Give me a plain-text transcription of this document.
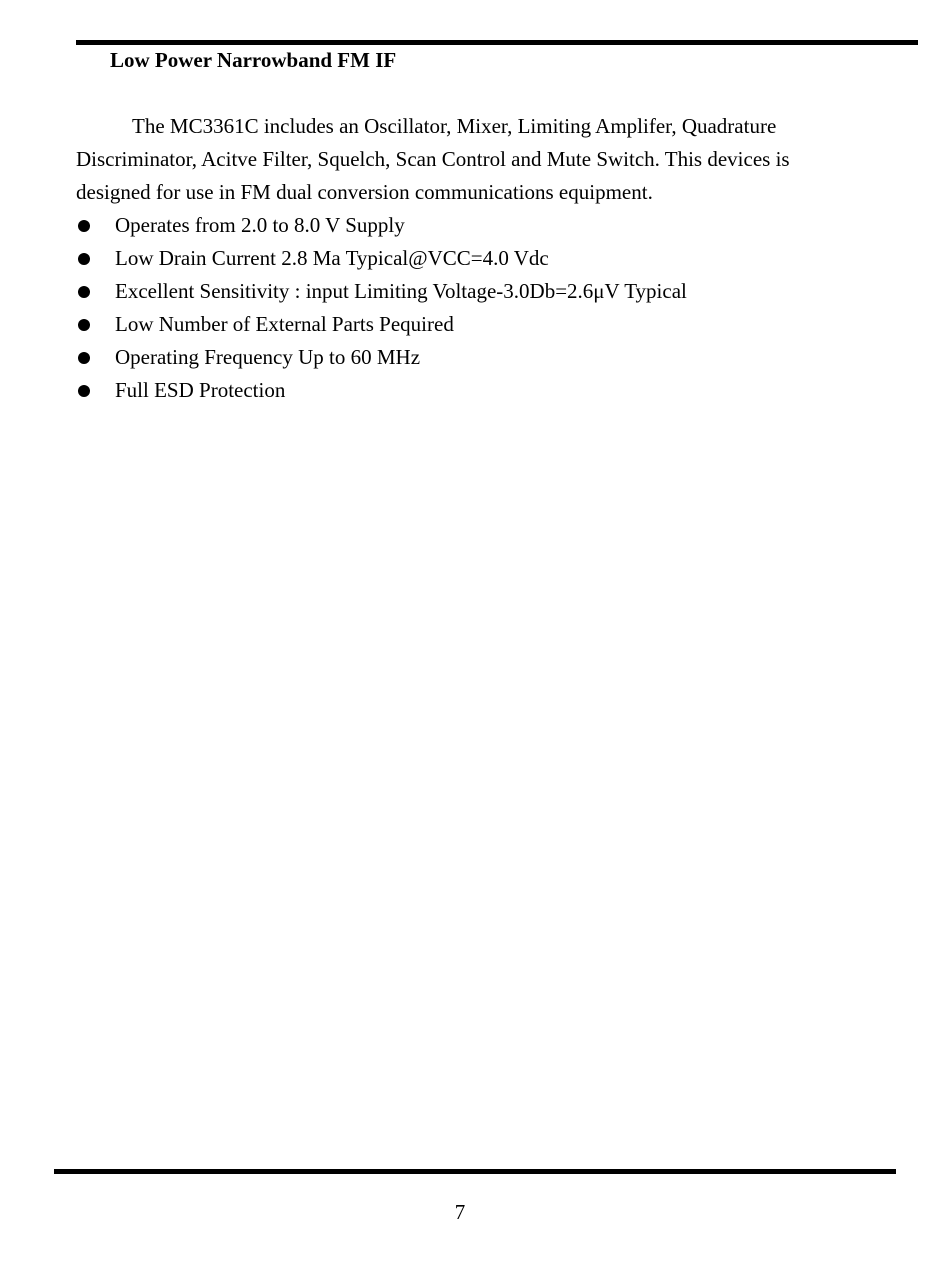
Low Power Narrowband FM IF

The MC3361C includes an Oscillator, Mixer, Limiting Amplifer, Quadrature Discriminator, Acitve Filter, Squelch, Scan Control and Mute Switch. This devices is designed for use in FM dual conversion communications equipment.

Operates from 2.0 to 8.0 V Supply
Low Drain Current 2.8 Ma Typical@VCC=4.0 Vdc
Excellent Sensitivity : input Limiting Voltage-3.0Db=2.6μV Typical
Low Number of External Parts Pequired
Operating Frequency Up to 60 MHz
Full ESD Protection
7
